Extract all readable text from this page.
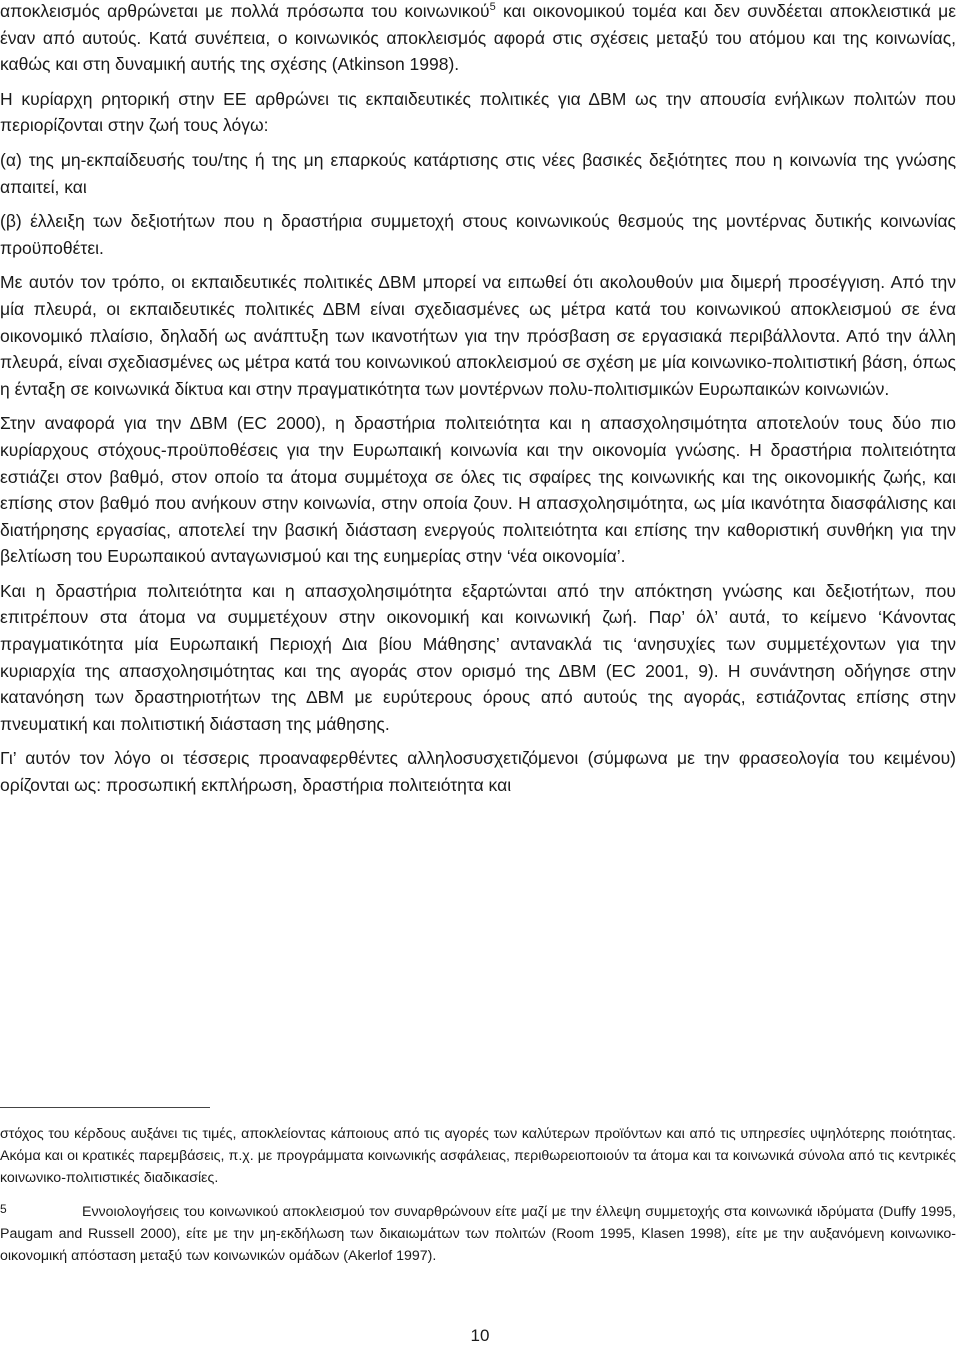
αποκλεισμός αρθρώνεται με πολλά πρόσωπα του κοινωνικού$^5$ και οικονομικού τομέα και δεν συνδέεται αποκλειστικά με έναν από αυτούς. Κατά συνέπεια, ο κοινωνικός αποκλεισμός αφορά στις σχέσεις μεταξύ του ατόμου και της κοινωνίας, καθώς και στη δυναμική αυτής της σχέσης (Atkinson 1998).

Η κυρίαρχη ρητορική στην ΕΕ αρθρώνει τις εκπαιδευτικές πολιτικές για ΔΒΜ ως την απουσία ενήλικων πολιτών που περιορίζονται στην ζωή τους λόγω:

(α) της μη-εκπαίδευσής του/της ή της μη επαρκούς κατάρτισης στις νέες βασικές δεξιότητες που η κοινωνία της γνώσης απαιτεί, και

(β) έλλειξη των δεξιοτήτων που η δραστήρια συμμετοχή στους κοινωνικούς θεσμούς της μοντέρνας δυτικής κοινωνίας προϋποθέτει.

Με αυτόν τον τρόπο, οι εκπαιδευτικές πολιτικές ΔΒΜ μπορεί να ειπωθεί ότι ακολουθούν μια διμερή προσέγγιση. Από την μία πλευρά, οι εκπαιδευτικές πολιτικές ΔΒΜ είναι σχεδιασμένες ως μέτρα κατά του κοινωνικού αποκλεισμού σε ένα οικονομικό πλαίσιο, δηλαδή ως ανάπτυξη των ικανοτήτων για την πρόσβαση σε εργασιακά περιβάλλοντα. Από την άλλη πλευρά, είναι σχεδιασμένες ως μέτρα κατά του κοινωνικού αποκλεισμού σε σχέση με μία κοινωνικο-πολιτιστική βάση, όπως η ένταξη σε κοινωνικά δίκτυα και στην πραγματικότητα των μοντέρνων πολυ-πολιτισμικών Ευρωπαικών κοινωνιών.

Στην αναφορά για την ΔΒΜ (EC 2000), η δραστήρια πολιτειότητα και η απασχολησιμότητα αποτελούν τους δύο πιο κυρίαρχους στόχους-προϋποθέσεις για την Ευρωπαική κοινωνία και την οικονομία γνώσης. Η δραστήρια πολιτειότητα εστιάζει στον βαθμό, στον οποίο τα άτομα συμμέτοχα σε όλες τις σφαίρες της κοινωνικής και της οικονομικής ζωής, και επίσης στον βαθμό που ανήκουν στην κοινωνία, στην οποία ζουν. Η απασχολησιμότητα, ως μία ικανότητα διασφάλισης και διατήρησης εργασίας, αποτελεί την βασική διάσταση ενεργούς πολιτειότητα και επίσης την καθοριστική συνθήκη για την βελτίωση του Ευρωπαικού ανταγωνισμού και της ευημερίας στην ‘νέα οικονομία’.

Και η δραστήρια πολιτειότητα και η απασχολησιμότητα εξαρτώνται από την απόκτηση γνώσης και δεξιοτήτων, που επιτρέπουν στα άτομα να συμμετέχουν στην οικονομική και κοινωνική ζωή. Παρ’ όλ’ αυτά, το κείμενο ‘Κάνοντας πραγματικότητα μία Ευρωπαική Περιοχή Δια βίου Μάθησης’ αντανακλά τις ‘ανησυχίες των συμμετέχοντων για την κυριαρχία της απασχολησιμότητας και της αγοράς στον ορισμό της ΔΒΜ (EC 2001, 9). Η συνάντηση οδήγησε στην κατανόηση των δραστηριοτήτων της ΔΒΜ με ευρύτερους όρους από αυτούς της αγοράς, εστιάζοντας επίσης στην πνευματική και πολιτιστική διάσταση της μάθησης.

Γι’ αυτόν τον λόγο οι τέσσερις προαναφερθέντες αλληλοσυσχετιζόμενοι (σύμφωνα με την φρασεολογία του κειμένου) ορίζονται ως: προσωπική εκπλήρωση, δραστήρια πολιτειότητα και

στόχος του κέρδους αυξάνει τις τιμές, αποκλείοντας κάποιους από τις αγορές των καλύτερων προϊόντων και από τις υπηρεσίες υψηλότερης ποιότητας. Ακόμα και οι κρατικές παρεμβάσεις, π.χ. με προγράμματα κοινωνικής ασφάλειας, περιθωρειοποιούν τα άτομα και τα κοινωνικά σύνολα από τις κεντρικές κοινωνικο-πολιτιστικές διαδικασίες.

5	Εννοιολογήσεις του κοινωνικού αποκλεισμού τον συναρθρώνουν είτε μαζί με την έλλεψη συμμετοχής στα κοινωνικά ιδρύματα (Duffy 1995, Paugam and Russell 2000), είτε με την μη-εκδήλωση των δικαιωμάτων των πολιτών (Room 1995, Klasen 1998), είτε με την αυξανόμενη κοινωνικο-οικονομική απόσταση μεταξύ των κοινωνικών ομάδων (Akerlof 1997).

10
